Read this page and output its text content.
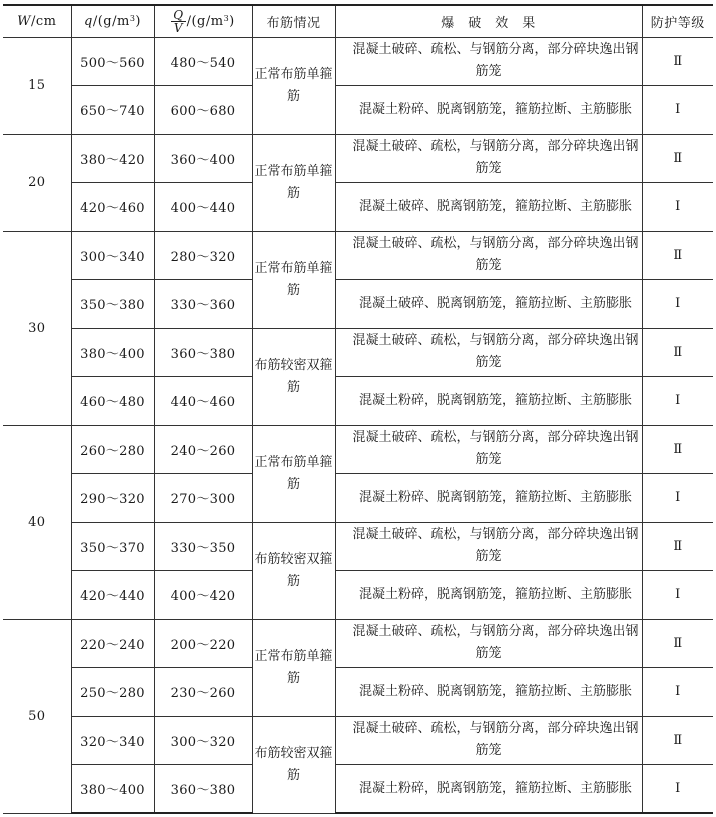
W/cm	$q/(g/m^3)$	$\frac{Q}{V} /(g/m^3)$	布筋情况	爆　破　效　果	防护等级
15	500～560	480～540	正常布筋单箍筋	混凝土破碎、疏松、与钢筋分离，部分碎块逸出钢筋笼	Ⅱ
	650～740	600～680		混凝土粉碎、脱离钢筋笼，箍筋拉断、主筋膨胀	Ⅰ
20	380～420	360～400	正常布筋单箍筋	混凝土破碎、疏松，与钢筋分离，部分碎块逸出钢筋笼	Ⅱ
	420～460	400～440		混凝土破碎、脱离钢筋笼，箍筋拉断、主筋膨胀	Ⅰ
30	300～340	280～320	正常布筋单箍筋	混凝土破碎、疏松，与钢筋分离，部分碎块逸出钢筋笼	Ⅱ
	350～380	330～360		混凝土破碎、脱离钢筋笼，箍筋拉断、主筋膨胀	Ⅰ
	380～400	360～380	布筋较密双箍筋	混凝土破碎、疏松，与钢筋分离，部分碎块逸出钢筋笼	Ⅱ
	460～480	440～460		混凝土粉碎，脱离钢筋笼，箍筋拉断、主筋膨胀	Ⅰ
40	260～280	240～260	正常布筋单箍筋	混凝土破碎、疏松，与钢筋分离，部分碎块逸出钢筋笼	Ⅱ
	290～320	270～300		混凝土粉碎、脱离钢筋笼，箍筋拉断、主筋膨胀	Ⅰ
	350～370	330～350	布筋较密双箍筋	混凝土破碎、疏松，与钢筋分离，部分碎块逸出钢筋笼	Ⅱ
	420～440	400～420		混凝土粉碎，脱离钢筋笼，箍筋拉断、主筋膨胀	Ⅰ
50	220～240	200～220	正常布筋单箍筋	混凝土破碎、疏松，与钢筋分离，部分碎块逸出钢筋笼	Ⅱ
	250～280	230～260		混凝土粉碎、脱离钢筋笼，箍筋拉断、主筋膨胀	Ⅰ
	320～340	300～320	布筋较密双箍筋	混凝土破碎、疏松，与钢筋分离，部分碎块逸出钢筋笼	Ⅱ
	380～400	360～380		混凝土粉碎，脱离钢筋笼，箍筋拉断、主筋膨胀	Ⅰ
